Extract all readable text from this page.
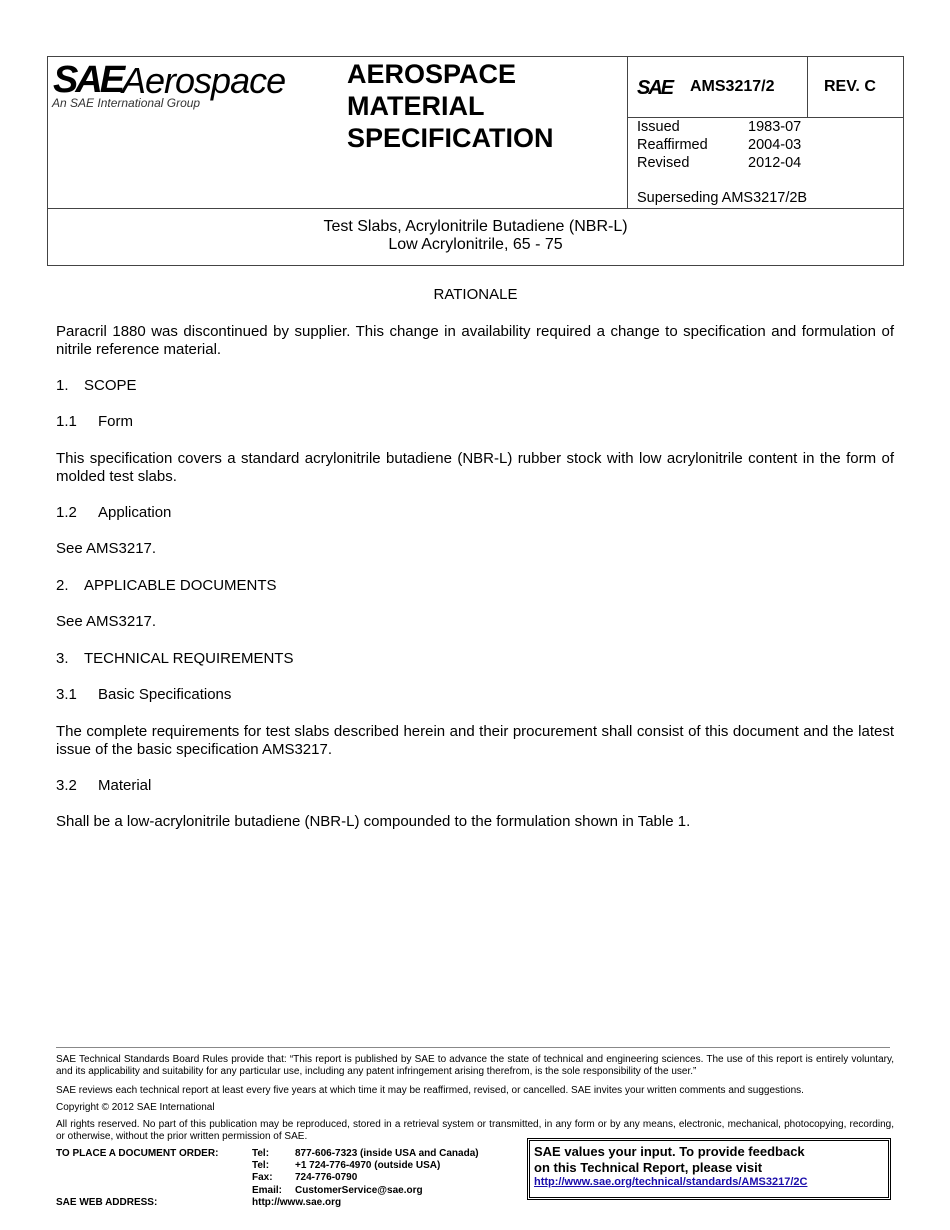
SAE Aerospace
An SAE International Group
AEROSPACE
MATERIAL
SPECIFICATION
SAE AMS3217/2	REV. C
Issued	1983-07
Reaffirmed	2004-03
Revised	2012-04
Superseding AMS3217/2B
Test Slabs, Acrylonitrile Butadiene (NBR-L)
Low Acrylonitrile, 65 - 75
RATIONALE
Paracril 1880 was discontinued by supplier. This change in availability required a change to specification and formulation of nitrile reference material.
1. SCOPE
1.1 Form
This specification covers a standard acrylonitrile butadiene (NBR-L) rubber stock with low acrylonitrile content in the form of molded test slabs.
1.2 Application
See AMS3217.
2. APPLICABLE DOCUMENTS
See AMS3217.
3. TECHNICAL REQUIREMENTS
3.1 Basic Specifications
The complete requirements for test slabs described herein and their procurement shall consist of this document and the latest issue of the basic specification AMS3217.
3.2 Material
Shall be a low-acrylonitrile butadiene (NBR-L) compounded to the formulation shown in Table 1.
SAE Technical Standards Board Rules provide that: “This report is published by SAE to advance the state of technical and engineering sciences. The use of this report is entirely voluntary, and its applicability and suitability for any particular use, including any patent infringement arising therefrom, is the sole responsibility of the user.”
SAE reviews each technical report at least every five years at which time it may be reaffirmed, revised, or cancelled. SAE invites your written comments and suggestions.
Copyright © 2012 SAE International
All rights reserved. No part of this publication may be reproduced, stored in a retrieval system or transmitted, in any form or by any means, electronic, mechanical, photocopying, recording, or otherwise, without the prior written permission of SAE.
TO PLACE A DOCUMENT ORDER:	Tel:	877-606-7323 (inside USA and Canada)
Tel:	+1 724-776-4970 (outside USA)
Fax:	724-776-0790
Email:	CustomerService@sae.org
SAE WEB ADDRESS:	http://www.sae.org
SAE values your input. To provide feedback
on this Technical Report, please visit
http://www.sae.org/technical/standards/AMS3217/2C
